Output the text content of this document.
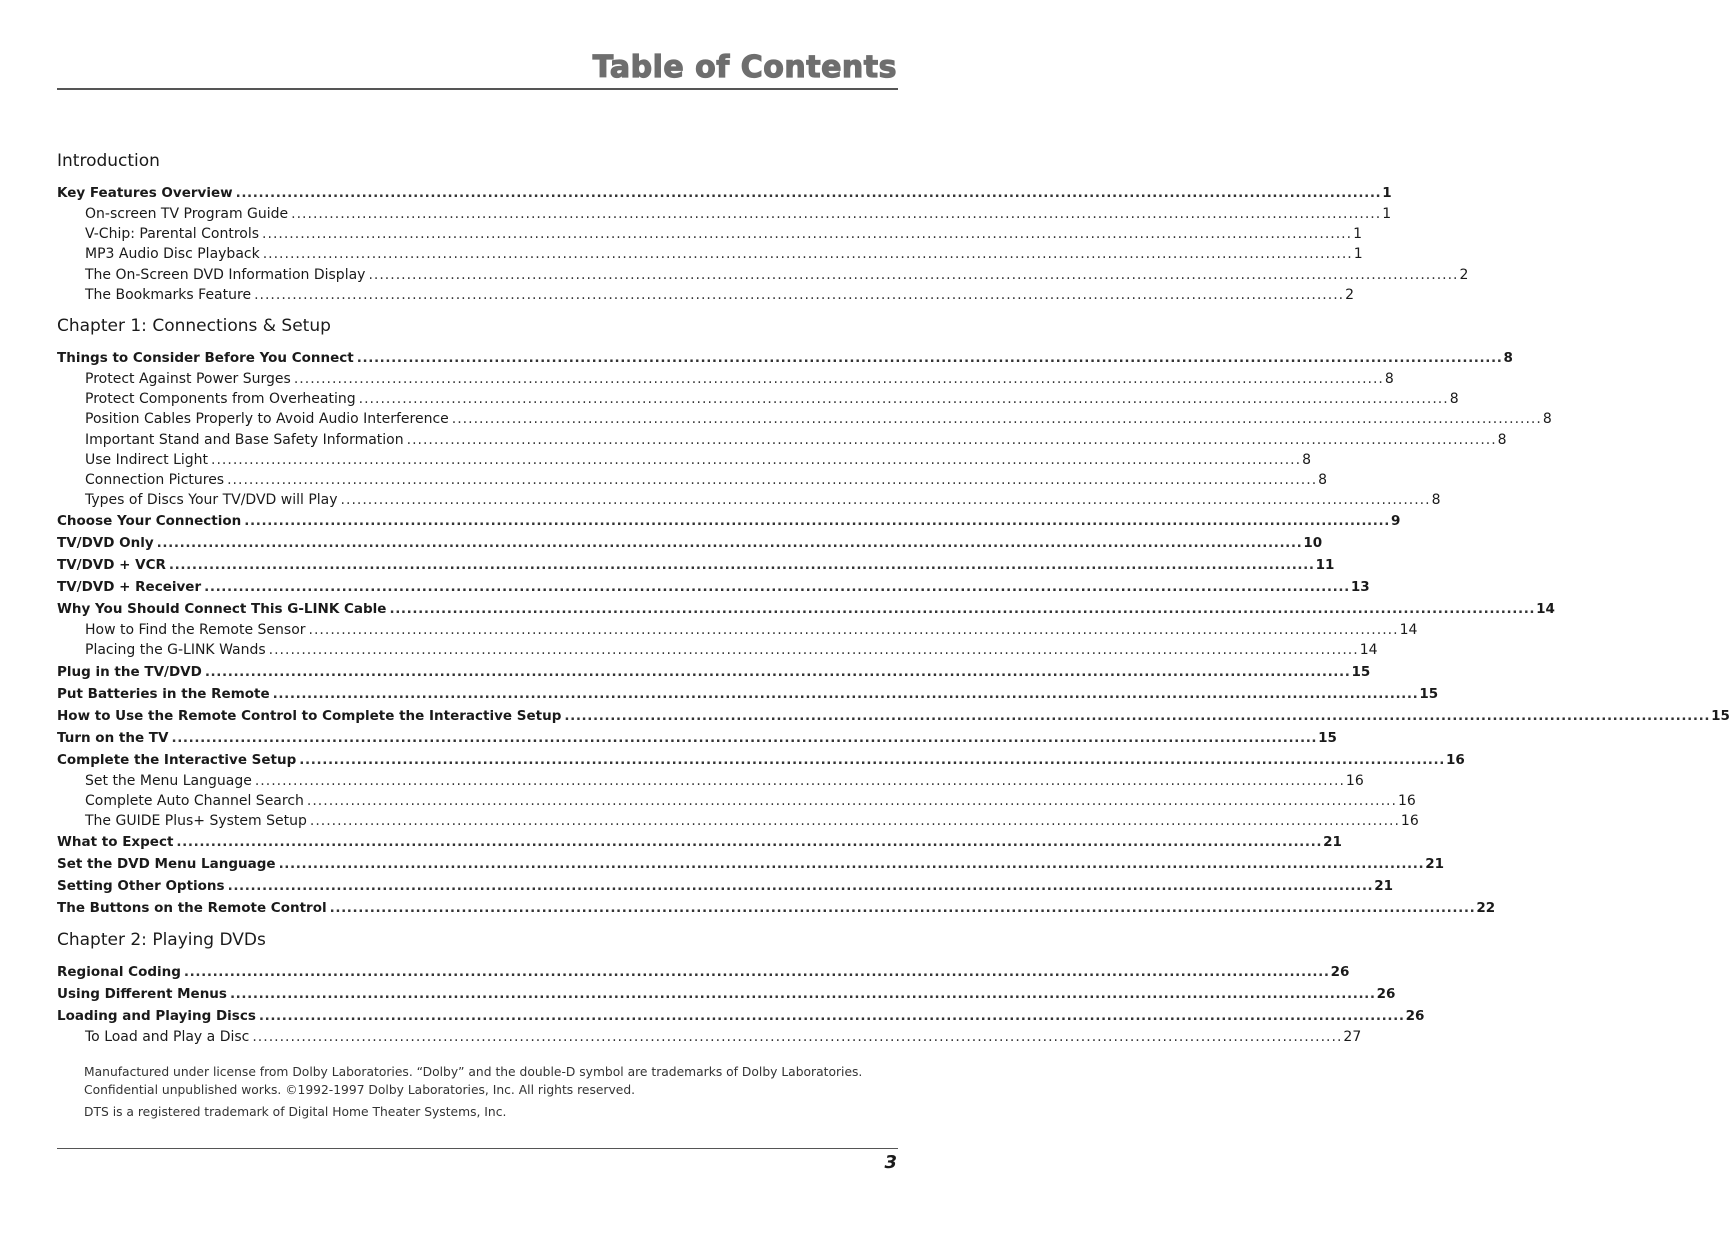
Table of Contents
Introduction
Key Features Overview ........................................................................................................................................................................................................ 1
On-screen TV Program Guide ........................................................................................................................................................................................................ 1
V-Chip: Parental Controls ........................................................................................................................................................................................................ 1
MP3 Audio Disc Playback ........................................................................................................................................................................................................ 1
The On-Screen DVD Information Display ........................................................................................................................................................................................................ 2
The Bookmarks Feature ........................................................................................................................................................................................................ 2
Chapter 1: Connections & Setup
Things to Consider Before You Connect ........................................................................................................................................................................................................ 8
Protect Against Power Surges ........................................................................................................................................................................................................ 8
Protect Components from Overheating ........................................................................................................................................................................................................ 8
Position Cables Properly to Avoid Audio Interference ........................................................................................................................................................................................................ 8
Important Stand and Base Safety Information ........................................................................................................................................................................................................ 8
Use Indirect Light ........................................................................................................................................................................................................ 8
Connection Pictures ........................................................................................................................................................................................................ 8
Types of Discs Your TV/DVD will Play ........................................................................................................................................................................................................ 8
Choose Your Connection ........................................................................................................................................................................................................ 9
TV/DVD Only ........................................................................................................................................................................................................ 10
TV/DVD + VCR ........................................................................................................................................................................................................ 11
TV/DVD + Receiver ........................................................................................................................................................................................................ 13
Why You Should Connect This G-LINK Cable ........................................................................................................................................................................................................ 14
How to Find the Remote Sensor ........................................................................................................................................................................................................ 14
Placing the G-LINK Wands ........................................................................................................................................................................................................ 14
Plug in the TV/DVD ........................................................................................................................................................................................................ 15
Put Batteries in the Remote ........................................................................................................................................................................................................ 15
How to Use the Remote Control to Complete the Interactive Setup ........................................................................................................................................................................................................ 15
Turn on the TV ........................................................................................................................................................................................................ 15
Complete the Interactive Setup ........................................................................................................................................................................................................ 16
Set the Menu Language ........................................................................................................................................................................................................ 16
Complete Auto Channel Search ........................................................................................................................................................................................................ 16
The GUIDE Plus+ System Setup ........................................................................................................................................................................................................ 16
What to Expect ........................................................................................................................................................................................................ 21
Set the DVD Menu Language ........................................................................................................................................................................................................ 21
Setting Other Options ........................................................................................................................................................................................................ 21
The Buttons on the Remote Control ........................................................................................................................................................................................................ 22
Chapter 2: Playing DVDs
Regional Coding ........................................................................................................................................................................................................ 26
Using Different Menus ........................................................................................................................................................................................................ 26
Loading and Playing Discs ........................................................................................................................................................................................................ 26
To Load and Play a Disc ........................................................................................................................................................................................................ 27

Manufactured under license from Dolby Laboratories. “Dolby” and the double-D symbol are trademarks of Dolby Laboratories.

Confidential unpublished works. ©1992-1997 Dolby Laboratories, Inc. All rights reserved.

DTS is a registered trademark of Digital Home Theater Systems, Inc.

3
